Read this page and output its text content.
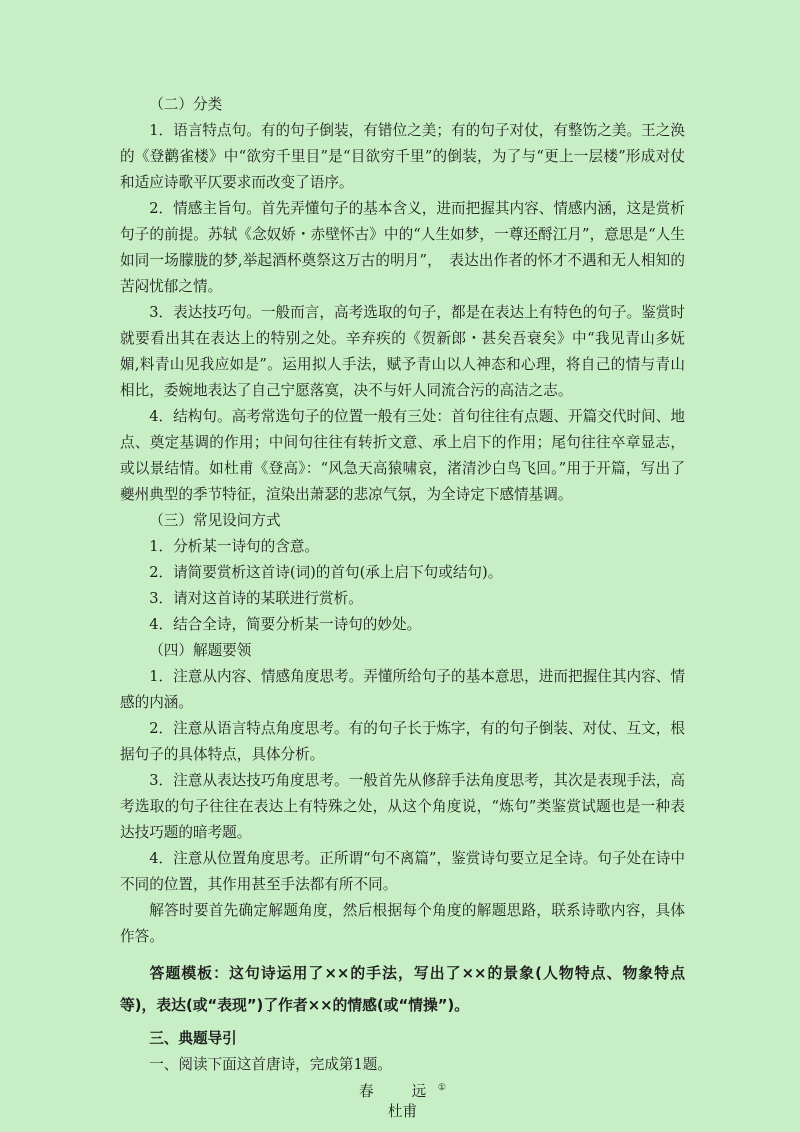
（二）分类

1．语言特点句。有的句子倒装，有错位之美；有的句子对仗，有整饬之美。王之涣的《登鹳雀楼》中“欲穷千里目”是“目欲穷千里”的倒装，为了与“更上一层楼”形成对仗和适应诗歌平仄要求而改变了语序。

2．情感主旨句。首先弄懂句子的基本含义，进而把握其内容、情感内涵，这是赏析句子的前提。苏轼《念奴娇・赤壁怀古》中的“人生如梦，一尊还酹江月”，意思是“人生如同一场朦胧的梦,举起酒杯奠祭这万古的明月”，　表达出作者的怀才不遇和无人相知的苦闷忧郁之情。

3．表达技巧句。一般而言，高考选取的句子，都是在表达上有特色的句子。鉴赏时就要看出其在表达上的特别之处。辛弃疾的《贺新郎・甚矣吾衰矣》中“我见青山多妩媚,料青山见我应如是”。运用拟人手法，赋予青山以人神态和心理，将自己的情与青山相比，委婉地表达了自己宁愿落寞，决不与奸人同流合污的高洁之志。

4．结构句。高考常选句子的位置一般有三处：首句往往有点题、开篇交代时间、地点、奠定基调的作用；中间句往往有转折文意、承上启下的作用；尾句往往卒章显志，或以景结情。如杜甫《登高》：“风急天高猿啸哀，渚清沙白鸟飞回。”用于开篇，写出了夔州典型的季节特征，渲染出萧瑟的悲凉气氛，为全诗定下感情基调。

（三）常见设问方式

1．分析某一诗句的含意。

2．请简要赏析这首诗(词)的首句(承上启下句或结句)。

3．请对这首诗的某联进行赏析。

4．结合全诗，简要分析某一诗句的妙处。

（四）解题要领

1．注意从内容、情感角度思考。弄懂所给句子的基本意思，进而把握住其内容、情感的内涵。

2．注意从语言特点角度思考。有的句子长于炼字，有的句子倒装、对仗、互文，根据句子的具体特点，具体分析。

3．注意从表达技巧角度思考。一般首先从修辞手法角度思考，其次是表现手法，高考选取的句子往往在表达上有特殊之处，从这个角度说，“炼句”类鉴赏试题也是一种表达技巧题的暗考题。

4．注意从位置角度思考。正所谓“句不离篇”，鉴赏诗句要立足全诗。句子处在诗中不同的位置，其作用甚至手法都有所不同。

解答时要首先确定解题角度，然后根据每个角度的解题思路，联系诗歌内容，具体作答。

答题模板：这句诗运用了××的手法，写出了××的景象(人物特点、物象特点等)，表达(或“表现”)了作者××的情感(或“情操”)。

三、典题导引

一、阅读下面这首唐诗，完成第1题。

春　远①

杜甫
